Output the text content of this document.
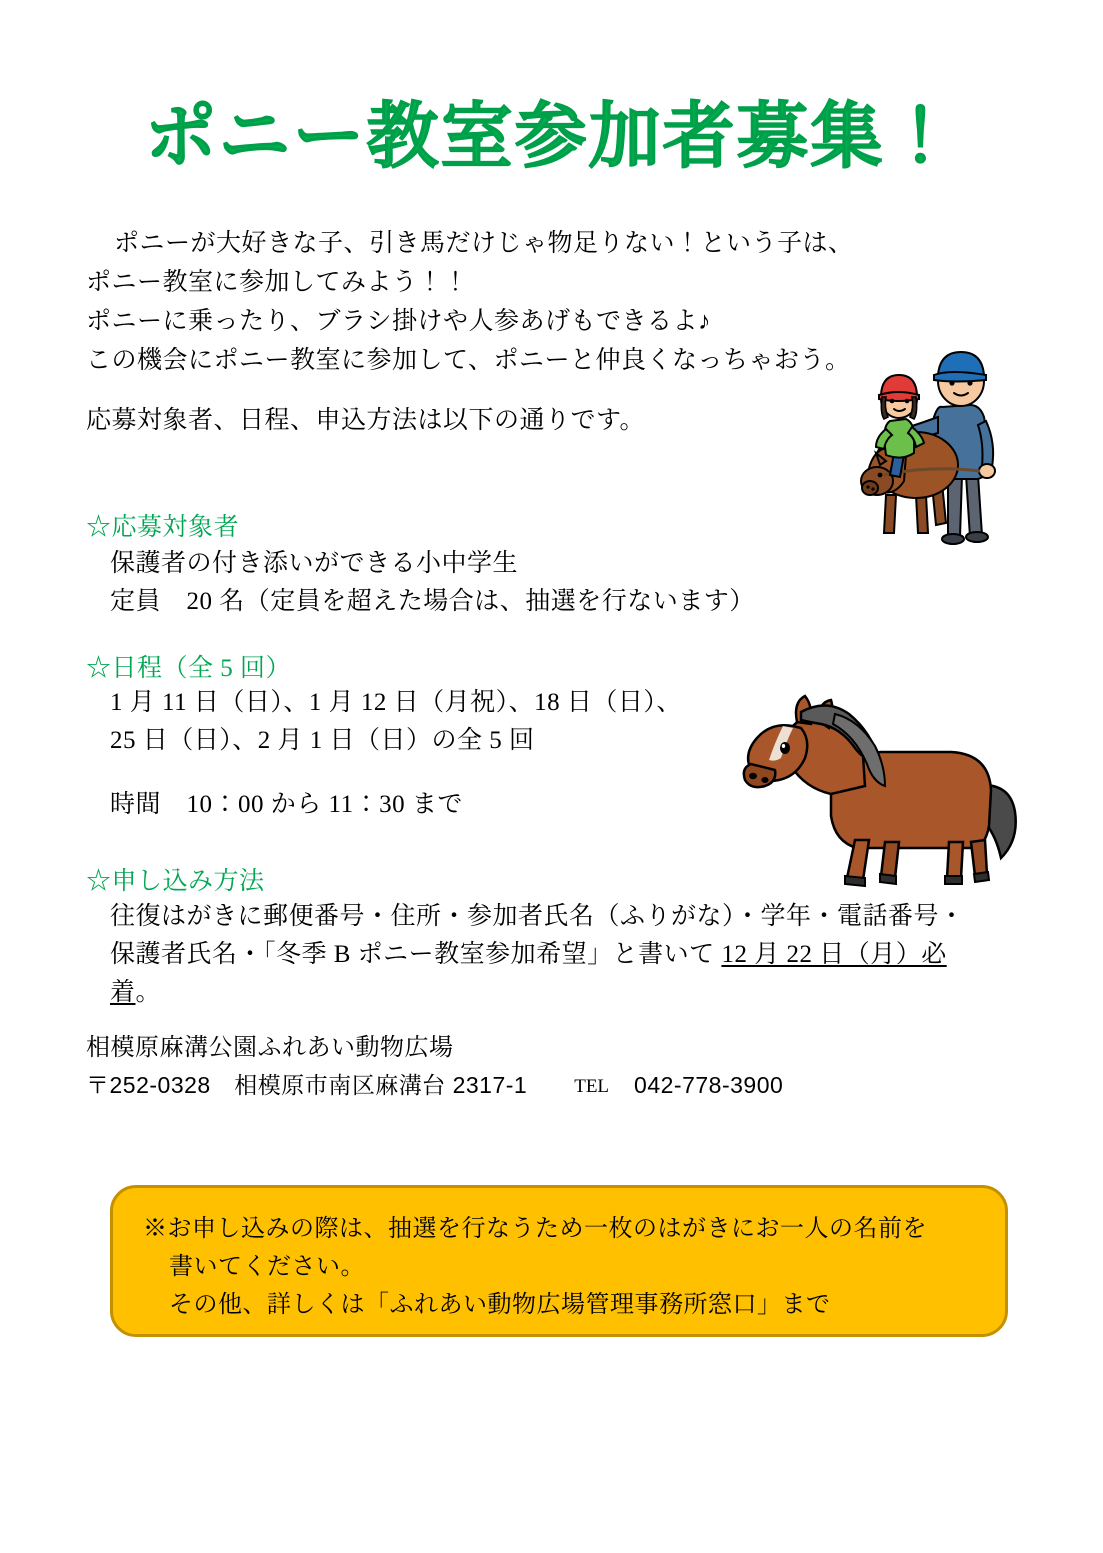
ポニー教室参加者募集！
ポニーが大好きな子、引き馬だけじゃ物足りない！という子は、
ポニー教室に参加してみよう！！
ポニーに乗ったり、ブラシ掛けや人参あげもできるよ♪
この機会にポニー教室に参加して、ポニーと仲良くなっちゃおう。
応募対象者、日程、申込方法は以下の通りです。
☆応募対象者
保護者の付き添いができる小中学生
定員　20 名（定員を超えた場合は、抽選を行ないます）
☆日程（全 5 回）
1 月 11 日（日）、1 月 12 日（月祝）、18 日（日）、
25 日（日）、2 月 1 日（日）の全 5 回
時間　10：00 から 11：30 まで
☆申し込み方法
往復はがきに郵便番号・住所・参加者氏名（ふりがな）・学年・電話番号・
保護者氏名・「冬季 B ポニー教室参加希望」と書いて 12 月 22 日（月）必着。
相模原麻溝公園ふれあい動物広場
〒252-0328　相模原市南区麻溝台 2317-1 TEL 042-778-3900

※お申し込みの際は、抽選を行なうため一枚のはがきにお一人の名前を

書いてください。

その他、詳しくは「ふれあい動物広場管理事務所窓口」まで
